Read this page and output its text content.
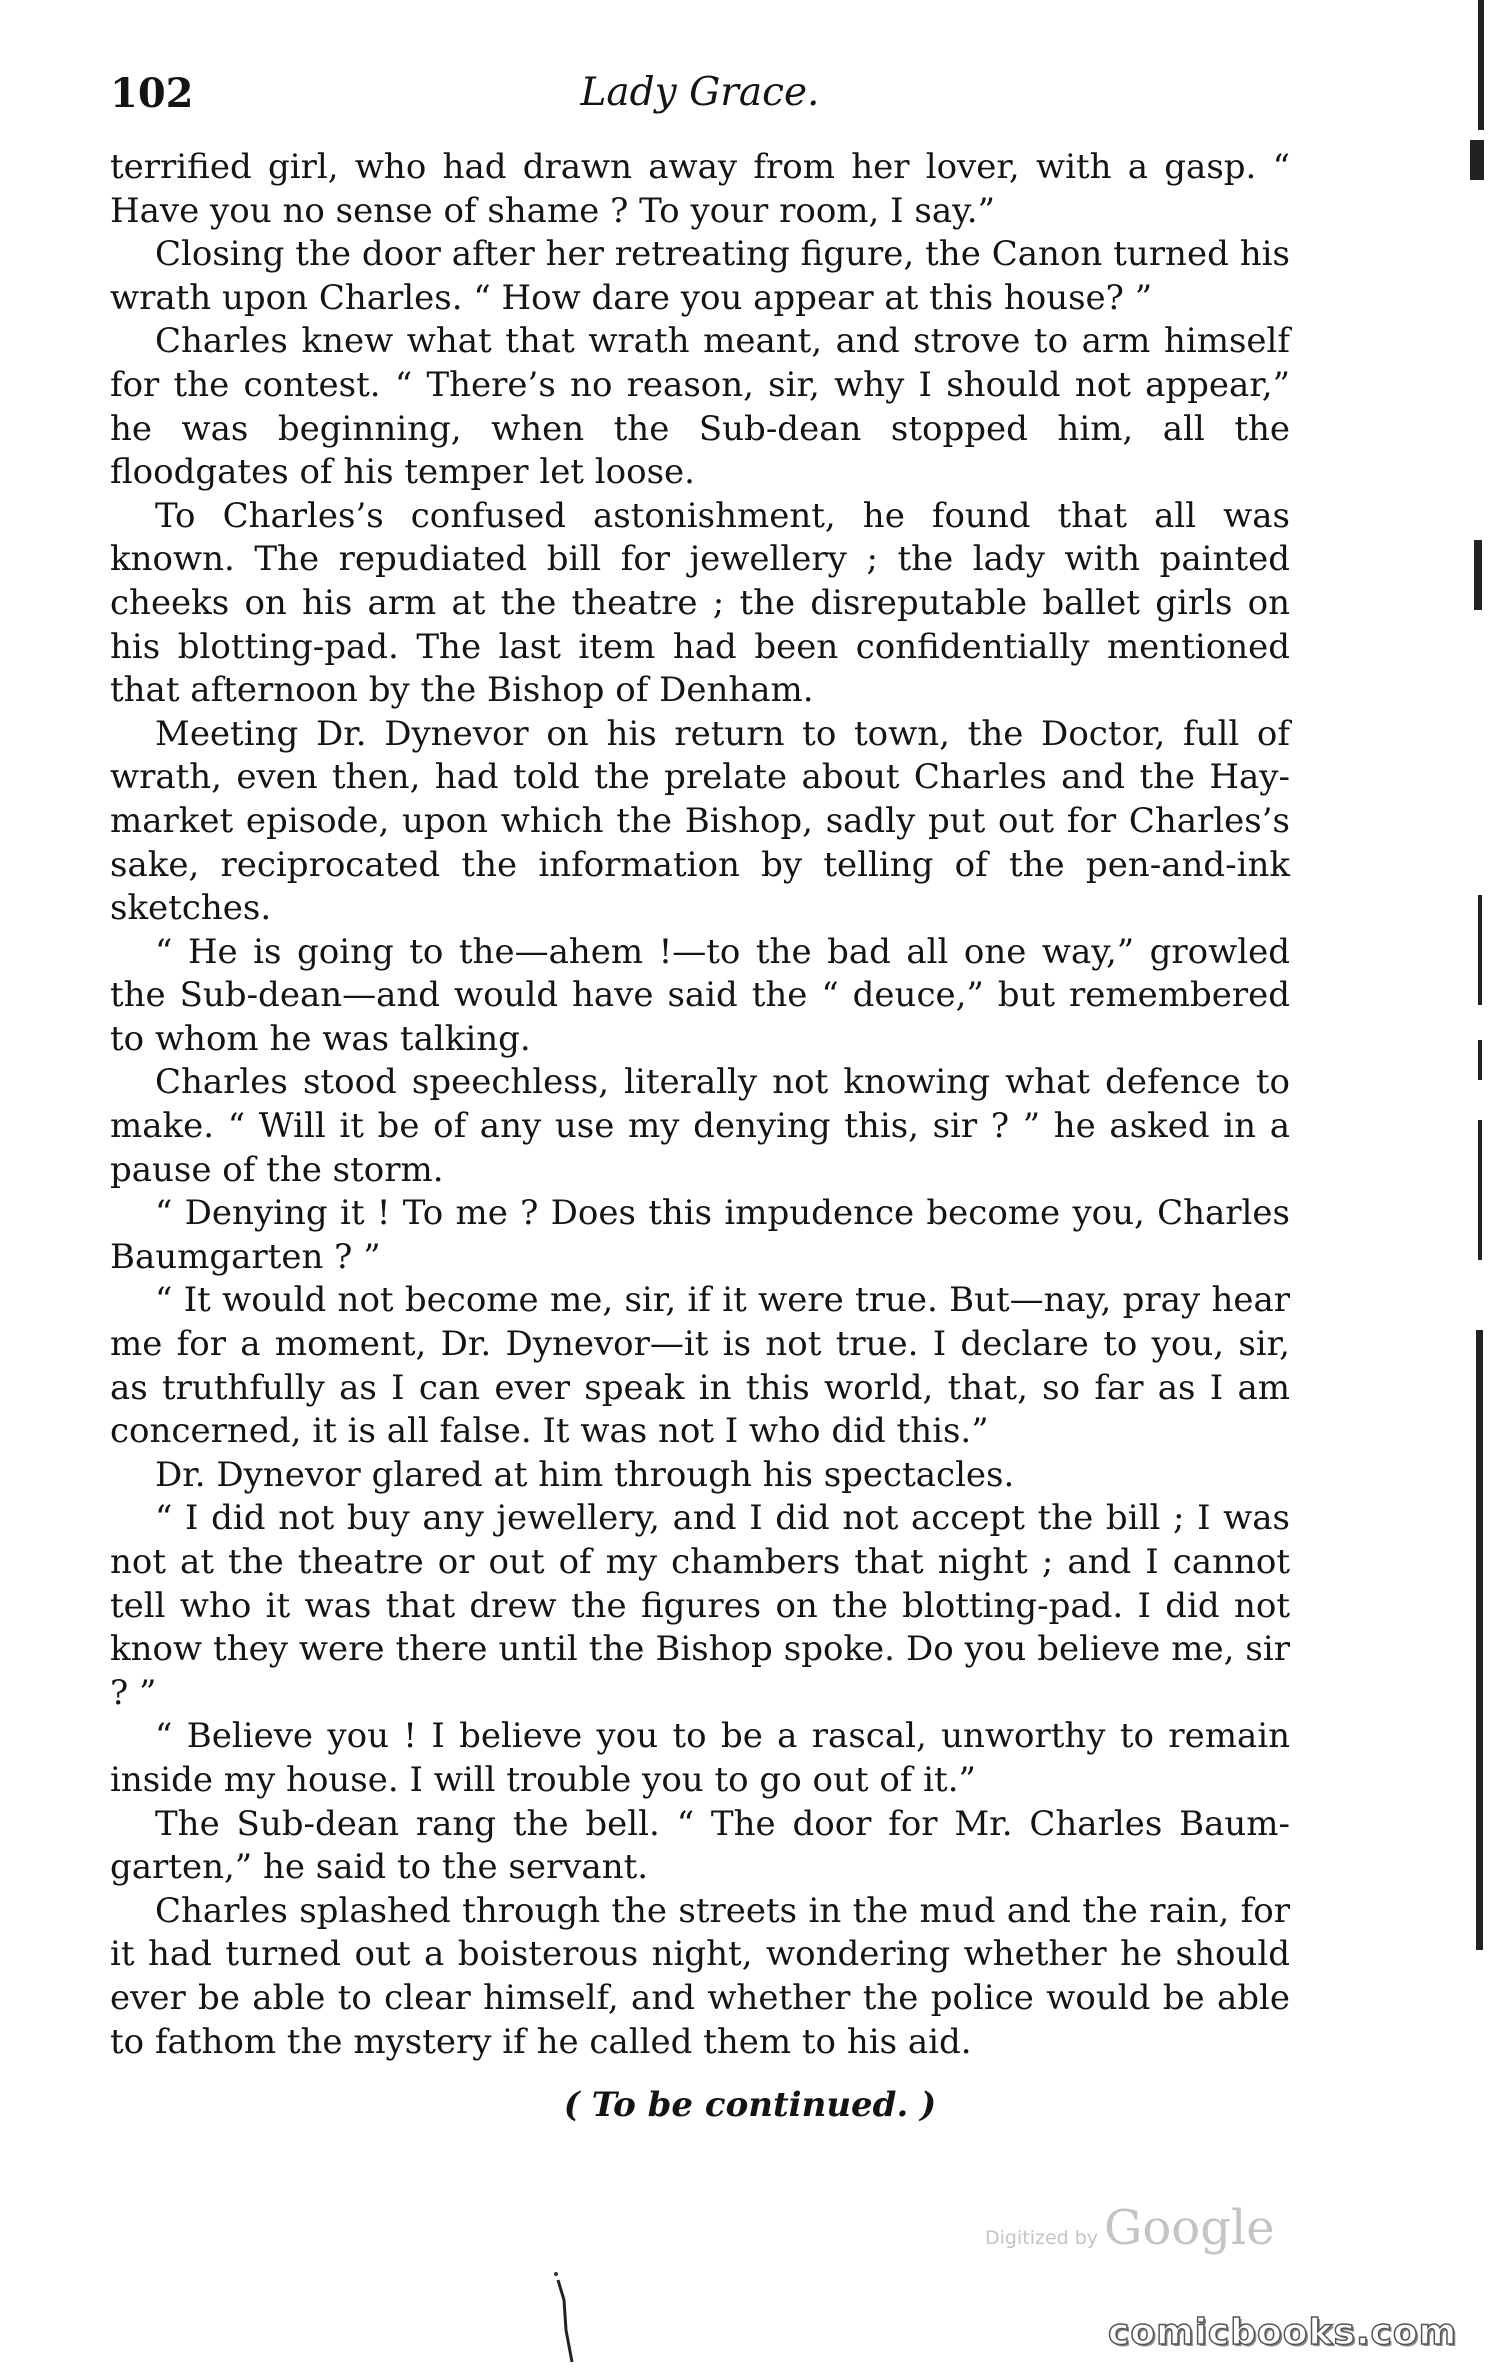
102	Lady Grace.

terrified girl, who had drawn away from her lover, with a gasp. “ Have you no sense of shame ? To your room, I say.”

Closing the door after her retreating figure, the Canon turned his wrath upon Charles. “ How dare you appear at this house? ”

Charles knew what that wrath meant, and strove to arm himself for the contest. “ There’s no reason, sir, why I should not appear,” he was beginning, when the Sub-dean stopped him, all the floodgates of his temper let loose.

To Charles’s confused astonishment, he found that all was known. The repudiated bill for jewellery ; the lady with painted cheeks on his arm at the theatre ; the disreputable ballet girls on his blotting-pad. The last item had been confidentially mentioned that afternoon by the Bishop of Denham.

Meeting Dr. Dynevor on his return to town, the Doctor, full of wrath, even then, had told the prelate about Charles and the Hay-market episode, upon which the Bishop, sadly put out for Charles’s sake, reciprocated the information by telling of the pen-and-ink sketches.

“ He is going to the—ahem !—to the bad all one way,” growled the Sub-dean—and would have said the “ deuce,” but remembered to whom he was talking.

Charles stood speechless, literally not knowing what defence to make. “ Will it be of any use my denying this, sir ? ” he asked in a pause of the storm.

“ Denying it ! To me ? Does this impudence become you, Charles Baumgarten ? ”

“ It would not become me, sir, if it were true. But—nay, pray hear me for a moment, Dr. Dynevor—it is not true. I declare to you, sir, as truthfully as I can ever speak in this world, that, so far as I am concerned, it is all false. It was not I who did this.”

Dr. Dynevor glared at him through his spectacles.

“ I did not buy any jewellery, and I did not accept the bill ; I was not at the theatre or out of my chambers that night ; and I cannot tell who it was that drew the figures on the blotting-pad. I did not know they were there until the Bishop spoke. Do you believe me, sir ? ”

“ Believe you ! I believe you to be a rascal, unworthy to remain inside my house. I will trouble you to go out of it.”

The Sub-dean rang the bell. “ The door for Mr. Charles Baum-garten,” he said to the servant.

Charles splashed through the streets in the mud and the rain, for it had turned out a boisterous night, wondering whether he should ever be able to clear himself, and whether the police would be able to fathom the mystery if he called them to his aid.

( To be continued. )
Digitized by Google
comicbooks.com
